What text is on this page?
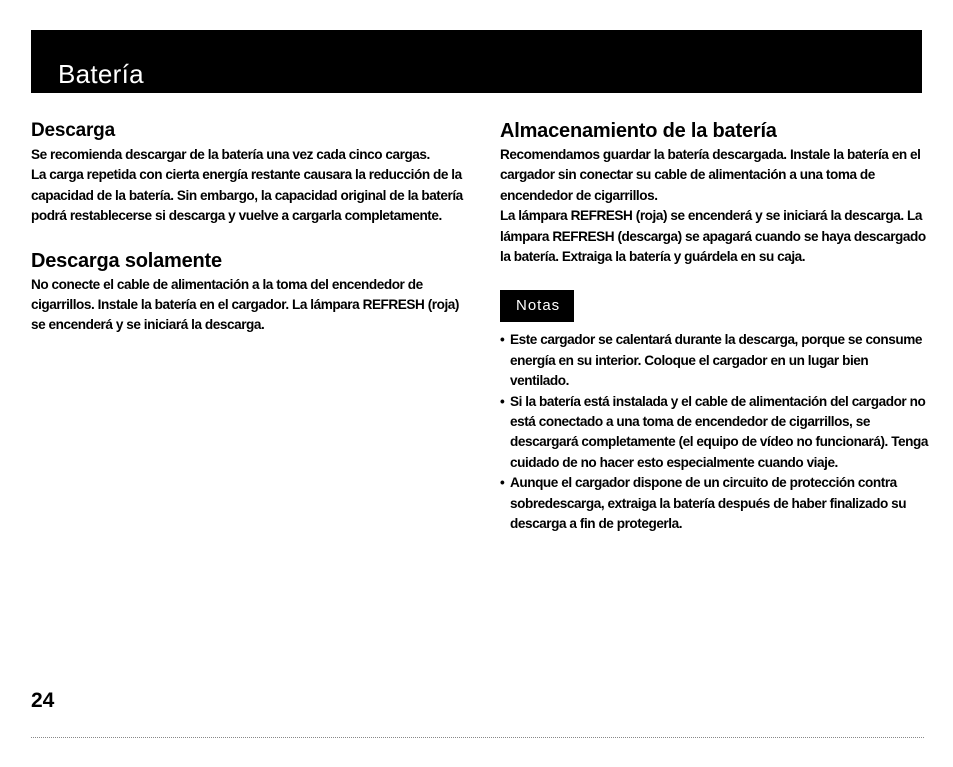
Batería
Descarga

Se recomienda descargar de la batería una vez cada cinco cargas.

La carga repetida con cierta energía restante causara la reducción de la capacidad de la batería. Sin embargo, la capacidad original de la batería podrá restablecerse si descarga y vuelve a cargarla completamente.

Descarga solamente

No conecte el cable de alimentación a la toma del encendedor de cigarrillos. Instale la batería en el cargador. La lámpara REFRESH (roja) se encenderá y se iniciará la descarga.

Almacenamiento de la batería

Recomendamos guardar la batería descargada. Instale la batería en el cargador sin conectar su cable de alimentación a una toma de encendedor de cigarrillos.

La lámpara REFRESH (roja) se encenderá y se iniciará la descarga. La lámpara REFRESH (descarga) se apagará cuando se haya descargado la batería. Extraiga la batería y guárdela en su caja.

Notas
• Este cargador se calentará durante la descarga, porque se consume energía en su interior. Coloque el cargador en un lugar bien ventilado.
• Si la batería está instalada y el cable de alimentación del cargador no está conectado a una toma de encendedor de cigarrillos, se descargará completamente (el equipo de vídeo no funcionará). Tenga cuidado de no hacer esto especialmente cuando viaje.
• Aunque el cargador dispone de un circuito de protección contra sobredescarga, extraiga la batería después de haber finalizado su descarga a fin de protegerla.
24
